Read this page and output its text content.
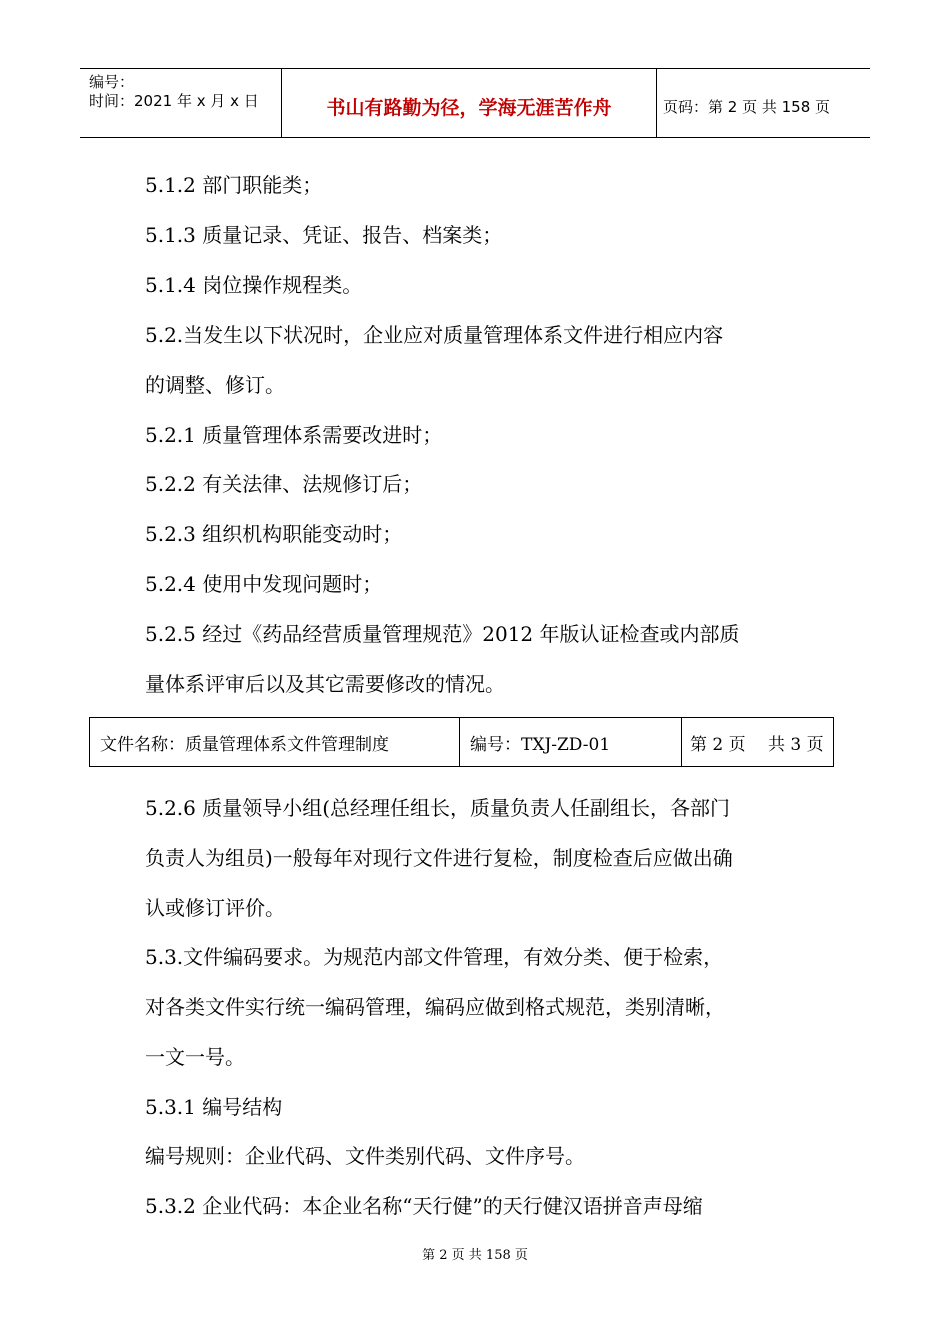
编号：
时间：2021 年 x 月 x 日	书山有路勤为径，学海无涯苦作舟	页码：第 2 页 共 158 页
5.1.2 部门职能类；
5.1.3 质量记录、凭证、报告、档案类；
5.1.4 岗位操作规程类。
5.2.当发生以下状况时，企业应对质量管理体系文件进行相应内容
的调整、修订。
5.2.1 质量管理体系需要改进时；
5.2.2 有关法律、法规修订后；
5.2.3 组织机构职能变动时；
5.2.4 使用中发现问题时；
5.2.5 经过《药品经营质量管理规范》2012 年版认证检查或内部质
量体系评审后以及其它需要修改的情况。
文件名称：质量管理体系文件管理制度	编号：TXJ-ZD-01	第 2 页　 共 3 页
5.2.6 质量领导小组(总经理任组长，质量负责人任副组长，各部门
负责人为组员)一般每年对现行文件进行复检，制度检查后应做出确
认或修订评价。
5.3.文件编码要求。为规范内部文件管理，有效分类、便于检索，
对各类文件实行统一编码管理，编码应做到格式规范，类别清晰，
一文一号。
5.3.1 编号结构
编号规则：企业代码、文件类别代码、文件序号。
5.3.2 企业代码：本企业名称“天行健”的天行健汉语拼音声母缩
第 2 页 共 158 页
